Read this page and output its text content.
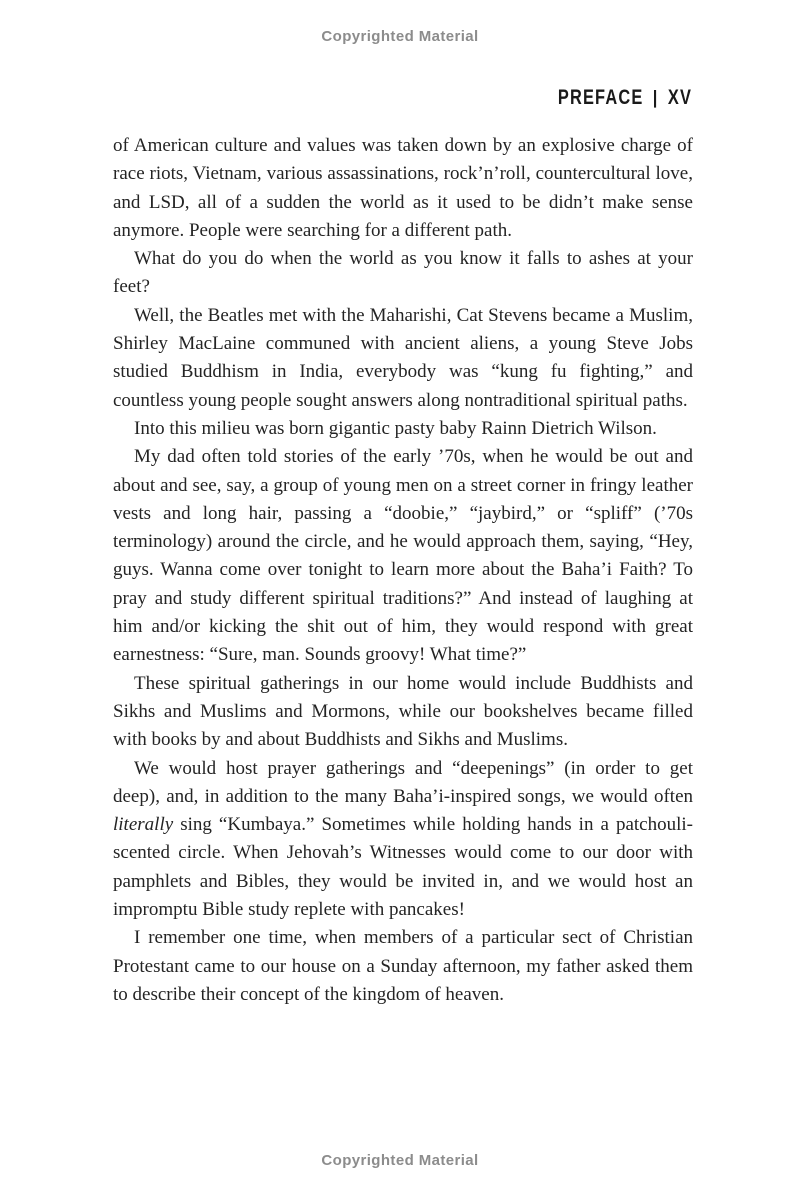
Copyrighted Material
PREFACE | XV

of American culture and values was taken down by an explosive charge of race riots, Vietnam, various assassinations, rock’n’roll, countercultural love, and LSD, all of a sudden the world as it used to be didn’t make sense anymore. People were searching for a different path.

What do you do when the world as you know it falls to ashes at your feet?

Well, the Beatles met with the Maharishi, Cat Stevens became a Muslim, Shirley MacLaine communed with ancient aliens, a young Steve Jobs studied Buddhism in India, everybody was “kung fu fighting,” and countless young people sought answers along nontraditional spiritual paths.

Into this milieu was born gigantic pasty baby Rainn Dietrich Wilson.

My dad often told stories of the early ’70s, when he would be out and about and see, say, a group of young men on a street corner in fringy leather vests and long hair, passing a “doobie,” “jaybird,” or “spliff” (’70s terminology) around the circle, and he would approach them, saying, “Hey, guys. Wanna come over tonight to learn more about the Baha’i Faith? To pray and study different spiritual traditions?” And instead of laughing at him and/or kicking the shit out of him, they would respond with great earnestness: “Sure, man. Sounds groovy! What time?”

These spiritual gatherings in our home would include Buddhists and Sikhs and Muslims and Mormons, while our bookshelves became filled with books by and about Buddhists and Sikhs and Muslims.

We would host prayer gatherings and “deepenings” (in order to get deep), and, in addition to the many Baha’i-inspired songs, we would often literally sing “Kumbaya.” Sometimes while holding hands in a patchouli-scented circle. When Jehovah’s Witnesses would come to our door with pamphlets and Bibles, they would be invited in, and we would host an impromptu Bible study replete with pancakes!

I remember one time, when members of a particular sect of Christian Protestant came to our house on a Sunday afternoon, my father asked them to describe their concept of the kingdom of heaven.

Copyrighted Material
